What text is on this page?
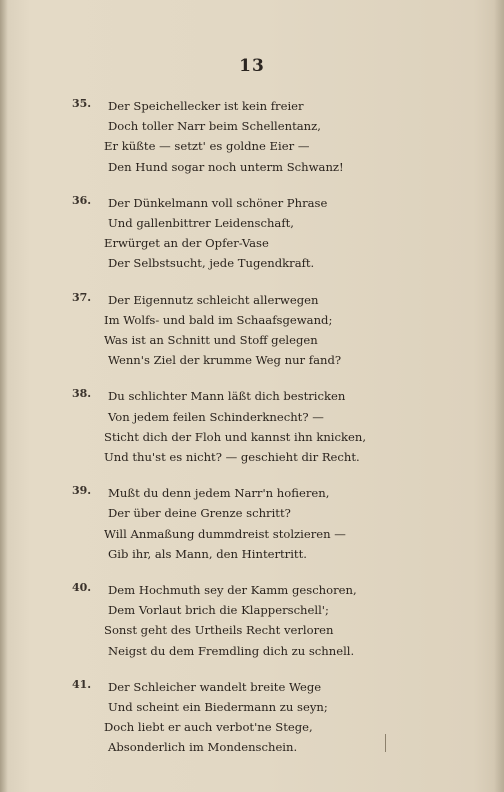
13
35.	Der Speichellecker ist kein freier
Doch toller Narr beim Schellentanz,
Er küßte — setzt' es goldne Eier —
Den Hund sogar noch unterm Schwanz!
36.	Der Dünkelmann voll schöner Phrase
Und gallenbittrer Leidenschaft,
Erwürget an der Opfer-Vase
Der Selbstsucht, jede Tugendkraft.
37.	Der Eigennutz schleicht allerwegen
Im Wolfs- und bald im Schaafsgewand;
Was ist an Schnitt und Stoff gelegen
Wenn's Ziel der krumme Weg nur fand?
38.	Du schlichter Mann läßt dich bestricken
Von jedem feilen Schinderknecht? —
Sticht dich der Floh und kannst ihn knicken,
Und thu'st es nicht? — geschieht dir Recht.
39.	Mußt du denn jedem Narr'n hofieren,
Der über deine Grenze schritt?
Will Anmaßung dummdreist stolzieren —
Gib ihr, als Mann, den Hintertritt.
40.	Dem Hochmuth sey der Kamm geschoren,
Dem Vorlaut brich die Klapperschell';
Sonst geht des Urtheils Recht verloren
Neigst du dem Fremdling dich zu schnell.
41.	Der Schleicher wandelt breite Wege
Und scheint ein Biedermann zu seyn;
Doch liebt er auch verbot'ne Stege,
Absonderlich im Mondenschein.
